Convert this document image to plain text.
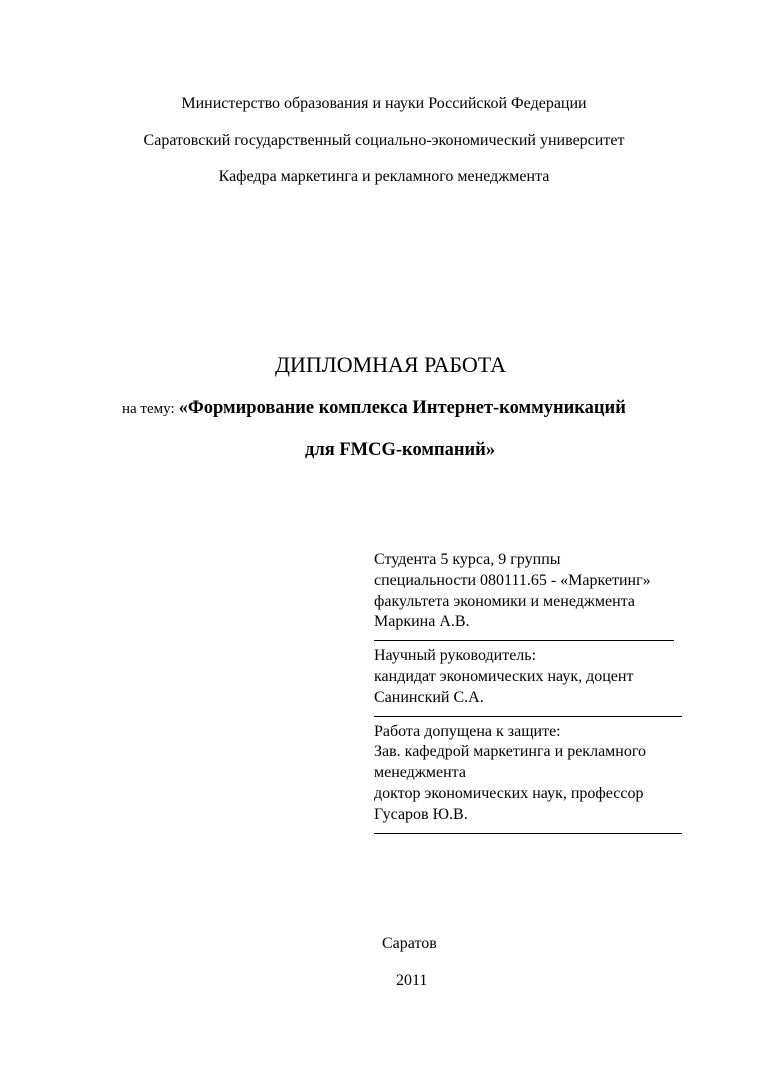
Министерство образования и науки Российской Федерации
Саратовский государственный социально-экономический университет
Кафедра маркетинга и рекламного менеджмента
ДИПЛОМНАЯ РАБОТА
на тему: «Формирование комплекса Интернет-коммуникаций
для FMCG-компаний»
Студента 5 курса, 9 группы
специальности 080111.65 - «Маркетинг»
факультета экономики и менеджмента
Маркина А.В.
Научный руководитель:
кандидат экономических наук, доцент
Санинский С.А.
Работа допущена к защите:
Зав. кафедрой маркетинга и рекламного
менеджмента
доктор экономических наук, профессор
Гусаров Ю.В.
Саратов
2011
